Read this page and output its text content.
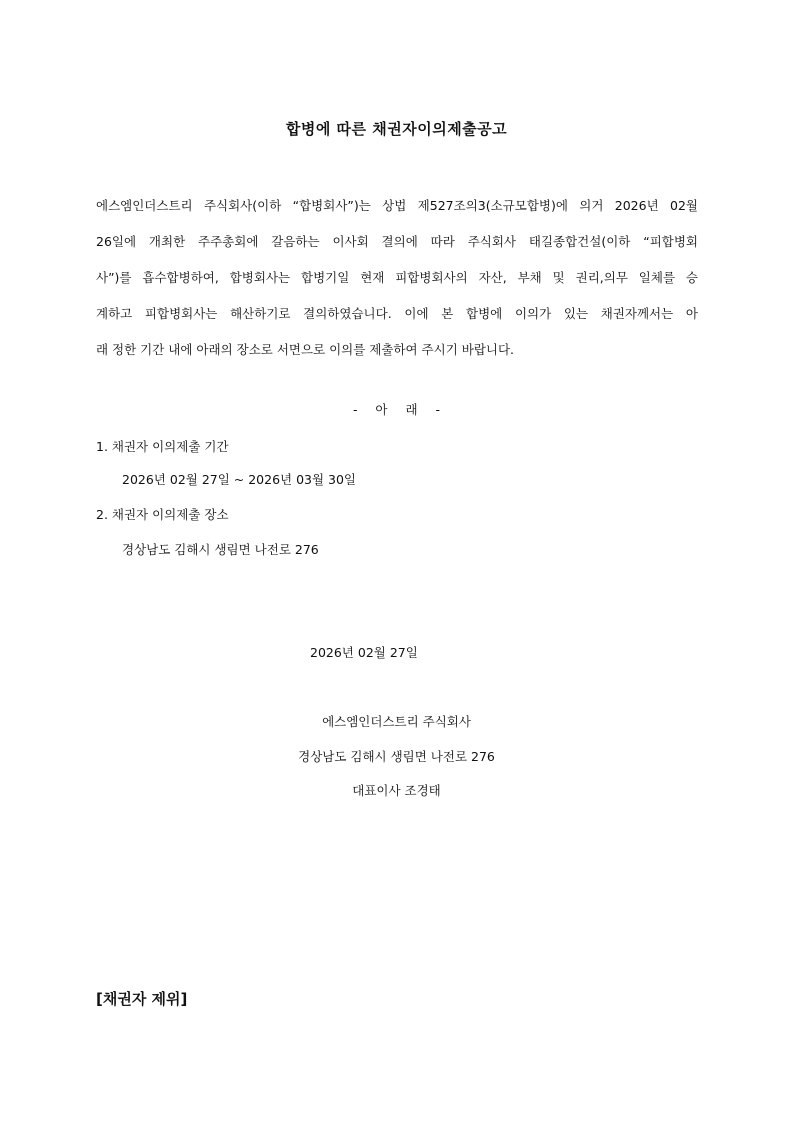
합병에 따른 채권자이의제출공고
에스엠인더스트리 주식회사(이하 “합병회사”)는 상법 제527조의3(소규모합병)에 의거 2026년 02월
26일에 개최한 주주총회에 갈음하는 이사회 결의에 따라 주식회사 태길종합건설(이하 “피합병회
사”)를 흡수합병하여, 합병회사는 합병기일 현재 피합병회사의 자산, 부채 및 권리,의무 일체를 승
계하고 피합병회사는 해산하기로 결의하였습니다. 이에 본 합병에 이의가 있는 채권자께서는 아
래 정한 기간 내에 아래의 장소로 서면으로 이의를 제출하여 주시기 바랍니다.
- 아 래 -
1. 채권자 이의제출 기간
2026년 02월 27일 ~ 2026년 03월 30일
2. 채권자 이의제출 장소
경상남도 김해시 생림면 나전로 276
2026년 02월 27일
에스엠인더스트리 주식회사
경상남도 김해시 생림면 나전로 276
대표이사 조경태
[채권자 제위]
